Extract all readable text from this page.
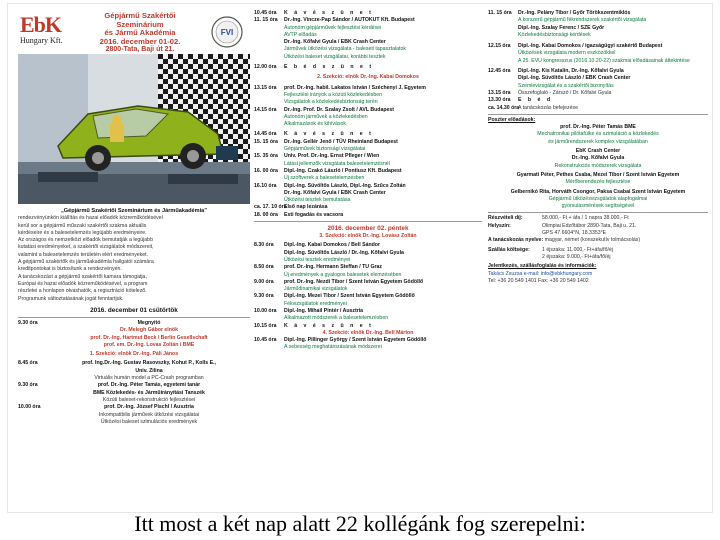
EbK
Hungary Kft.
Gépjármű Szakértői Szeminárium
és Jármű Akadémia
2016. december 01-02.
2800-Tata, Baji út 21.
FVI
„Gépjármű Szakértői Szeminárium és Járműakadémia”
rendezvényünkön kiállítás és hazai előadók közreműködésével
kerül sor a gépjármű műszaki szakértői szakma aktuális
kérdéseire és a balesetelemzés legújabb eredményeire.
Az országos és nemzetközi előadók bemutatják a legújabb
kutatási eredményeket, a szakértői vizsgálatok módszereit,
valamint a balesetelemzés területén elért eredményeket.
A gépjármű szakértők és járműakadémia hallgatói számára
kreditpontokat is biztosítunk a rendezvényen.
A tanácskozást a gépjármű szakértői kamara támogatja,
Európai és hazai előadók közreműködésével, a program
részletei a honlapon olvashatók, a regisztráció kötelező.
Programunk változtatásának jogát fenntartjuk.
2016. december 01 csütörtök
9.30 óra	Megnyitó
Dr. Melegh Gábor elnök
prof. Dr.-Ing. Hartmut Beck / Berlin Gesellschaft
prof. em. Dr.-Ing. Lovas Zoltán / BME
1. Szekció: elnök Dr.-Ing. Páli János
8.45 óra	prof. Ing.Dr.-Ing. Gustav Rasovszky, Kohut P., Kolls E.,
Univ. Zilina
Virtuális humán model a PC-Crash programban
9.30 óra	prof. Dr.-Ing. Péter Tamás, egyetemi tanár
BME Közlekedés- és Járműirányítási Tanszék
Közúti baleset-rekonstrukció fejlesztései
10.00 óra	prof. Dr.-Ing. József Pischl / Ausztria
Inkompatibilis járművek ütközési vizsgálatai
Ütközési baleset szimulációs eredmények
10.45 óra K á v é s z ü n e t
11. 15 óra Dr.-Ing. Vincze-Pap Sándor / AUTOKUT Kft. Budapest
Autonóm gépjárművek fejlesztési kérdései
AVTP előadás
Dr.-Ing. Kőfalvi Gyula / EBK Crash Center
Járművek ütközési vizsgálata - baleseti tapasztalatok
Ütközési baleset vizsgálatai, korábbi tesztek
12.00 óra E b é d s z ü n e t
2. Szekció: elnök Dr.-Ing. Kabai Domokos
13.15 óra prof. Dr.-Ing. habil. Lakatos István / Széchenyi J. Egyetem
Fejlesztési irányok a közúti közlekedésben
Vizsgálatok a közlekedésbiztonság terén
14.15 óra Dr.-Ing. Prof. Dr. Szalay Zsolt / AVL Budapest
Autonóm járművek a közlekedésben
Alkalmazások és kihívások
14.45 óra K á v é s z ü n e t
15. 15 óra Dr.-Ing. Gellér Jenő / TÜV Rheinland Budapest
Gépjárművek biztonsági vizsgálatai
15. 35 óra Univ. Prof. Dr.-Ing. Ernst Pfleger / Wien
Látási jellemzők vizsgálata balesetelemzésnél
16. 00 óra Dipl.-Ing. Czakó László / Pontiusz Kft. Budapest
Új szoftverek a balesetelemzésben
16.10 óra Dipl.-Ing. Süvöltős László, Dipl.-Ing. Szűcs Zoltán
Dr.-Ing. Kőfalvi Gyula / EBK Crash Center
Ütközési tesztek bemutatása
ca. 17. 10 óra
Első nap lezárása
18. 00 óra Esti fogadás és vacsora
2016. december 02. péntek
3. Szekció: elnök Dr.-Ing. Lovász Zoltán
8.30 óra	Dipl.-Ing. Kabai Domokos / Bell Sándor
Dipl.-Ing. Süvöltős László / Dr.-Ing. Kőfalvi Gyula
Ütközési tesztek eredményei
8.50 óra	prof. Dr.-Ing. Hermann Steffan / TU Graz
Új eredmények a gyalogos balesetek elemzésében
9.00 óra	prof. Dr.-Ing. Nezdi Tibor / Szent István Egyetem Gödöllő
Járműdinamikai vizsgálatok
9.30 óra	Dipl.-Ing. Mezei Tibor / Szent István Egyetem Gödöllő
Fékvizsgálatok eredményei
10.00 óra Dipl.-Ing. Mihail Pintér / Ausztria
Alkalmazott módszerek a balesetelemzésben
10.15 óra K á v é s z ü n e t
4. Szekció: elnök Dr.-Ing. Bell Márton
10.45 óra Dipl.-Ing. Pillinger György / Szent István Egyetem Gödöllő
A sebesség meghatározásának módszerei
11. 15 óra Dr.-Ing. Pelány Tibor / Győr Törökszentmiklós
A korszerű gépjármű fékrendszerek szakértői vizsgálata
Dipl.-Ing. Szalay Ferenc / SZE Győr
Közlekedésbiztonsági kérdések
12.15 óra Dipl.-Ing. Kabai Domokos / igazságügyi szakértő Budapest
Ütközések vizsgálata modern eszközökkel
A 25. EVU kongresszus (2016.10.20-22) szakmai előadásainak áttekintése
12.45 óra Dipl.-Ing. Kis Katalin, Dr.-Ing. Kőfalvi Gyula
Dipl.-Ing. Süvöltős László / EBK Crash Center
Szemlevizsgálat és a szakértői bizonyítás
13.15 óra Összefoglaló - Zárszó / Dr. Kőfalvi Gyula
13.30 óra E b é d
ca. 14.30 óra
A tanácskozás befejezése
Poszter előadások:
prof. Dr.-Ing. Péter Tamás BME
Mechatronikai pilótafülke és szimuláció a közlekedés
és járműrendszerek komplex vizsgálatában
EbK Crash Center
Dr.-Ing. Kőfalvi Gyula
Rekonstrukciós módszerek vizsgálata
Gyarmati Péter, Pethes Csaba, Mezei Tibor / Szent István Egyetem
Mérőberendezés fejlesztése
Gelbernikó Rita, Horváth Csongor, Paksa Csabai Szent István Egyetem
Gépjármű ütközésvizsgálatok alapfogalmai
gyorsulásmérések segítségével
Részvételi díj:	58.000,- Ft + áfa / 1 napra 38.000,- Ft
Helyszín:	Olimpiai Edzőtábor 2890-Tata, Baji u. 21.
GPS 47.6604°N, 18.3353°E
A tanácskozás nyelve: magyar, német (konszekutív tolmácsolás)
Szállás költsége:	1 éjszaka: 11.000,- Ft+áfa/fő/éj
2 éjszaka: 9.000,- Ft+áfa/fő/éj
Jelentkezés, szállásfoglalás és információk:
Takács Zsuzsa e-mail: info@ebkhungary.com
Tel: +36 20 549 1401 Fax: +36 20 549 1402
Itt most a két nap alatt 22 kollégánk fog szerepelni:
